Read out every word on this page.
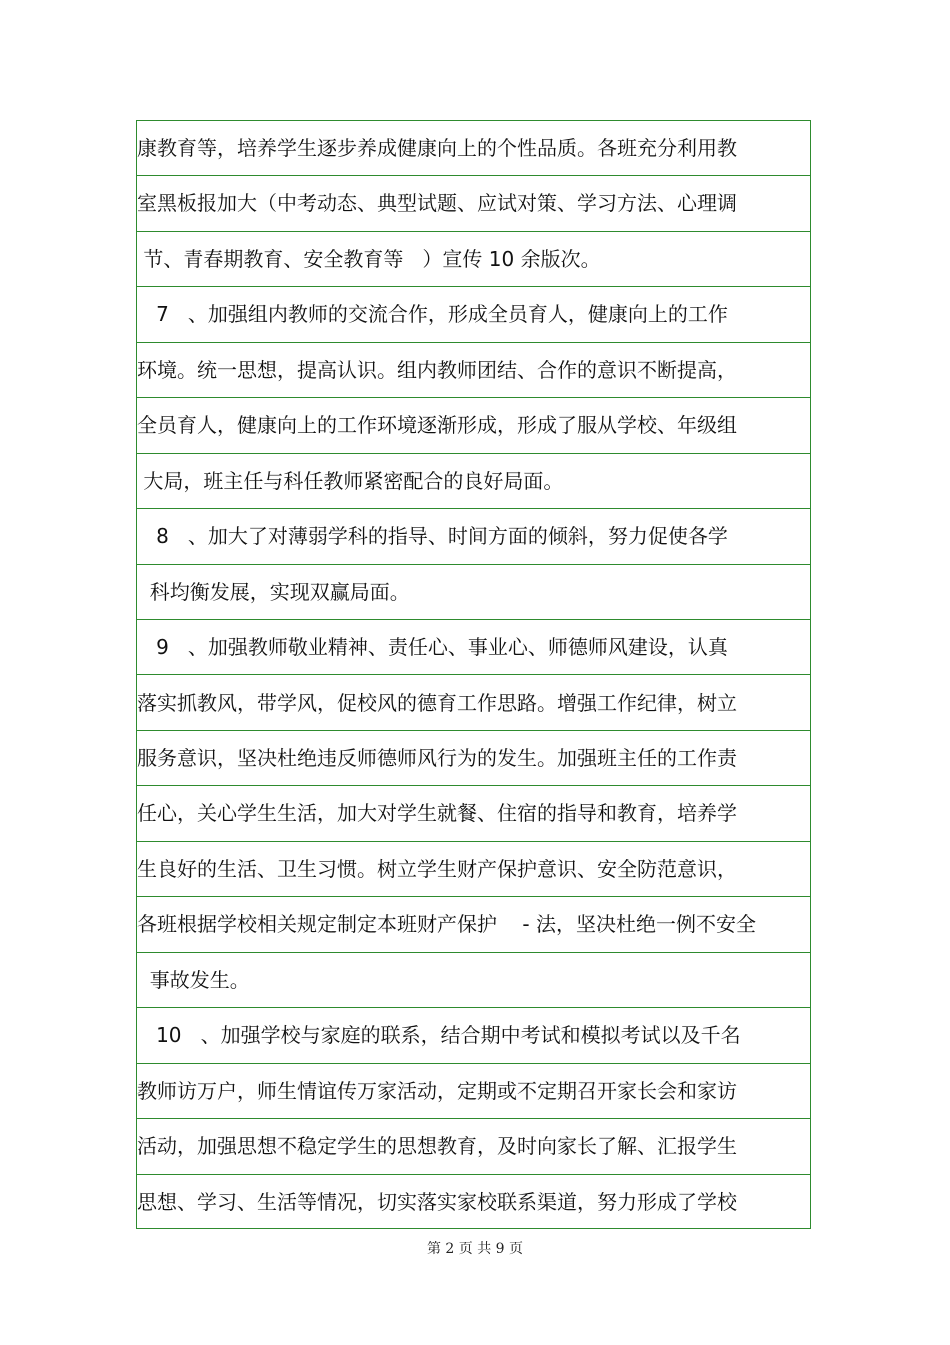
康教育等，培养学生逐步养成健康向上的个性品质。各班充分利用教
室黑板报加大（中考动态、典型试题、应试对策、学习方法、心理调
节、青春期教育、安全教育等   ）宣传 10 余版次。
7   、加强组内教师的交流合作，形成全员育人，健康向上的工作
环境。统一思想，提高认识。组内教师团结、合作的意识不断提高，
全员育人，健康向上的工作环境逐渐形成，形成了服从学校、年级组
大局，班主任与科任教师紧密配合的良好局面。
8   、加大了对薄弱学科的指导、时间方面的倾斜，努力促使各学
科均衡发展，实现双赢局面。
9   、加强教师敬业精神、责任心、事业心、师德师风建设，认真
落实抓教风，带学风，促校风的德育工作思路。增强工作纪律，树立
服务意识，坚决杜绝违反师德师风行为的发生。加强班主任的工作责
任心，关心学生生活，加大对学生就餐、住宿的指导和教育，培养学
生良好的生活、卫生习惯。树立学生财产保护意识、安全防范意识，
各班根据学校相关规定制定本班财产保护    - 法，坚决杜绝一例不安全
事故发生。
10   、加强学校与家庭的联系，结合期中考试和模拟考试以及千名
教师访万户，师生情谊传万家活动，定期或不定期召开家长会和家访
活动，加强思想不稳定学生的思想教育，及时向家长了解、汇报学生
思想、学习、生活等情况，切实落实家校联系渠道，努力形成了学校
第 2 页 共 9 页
